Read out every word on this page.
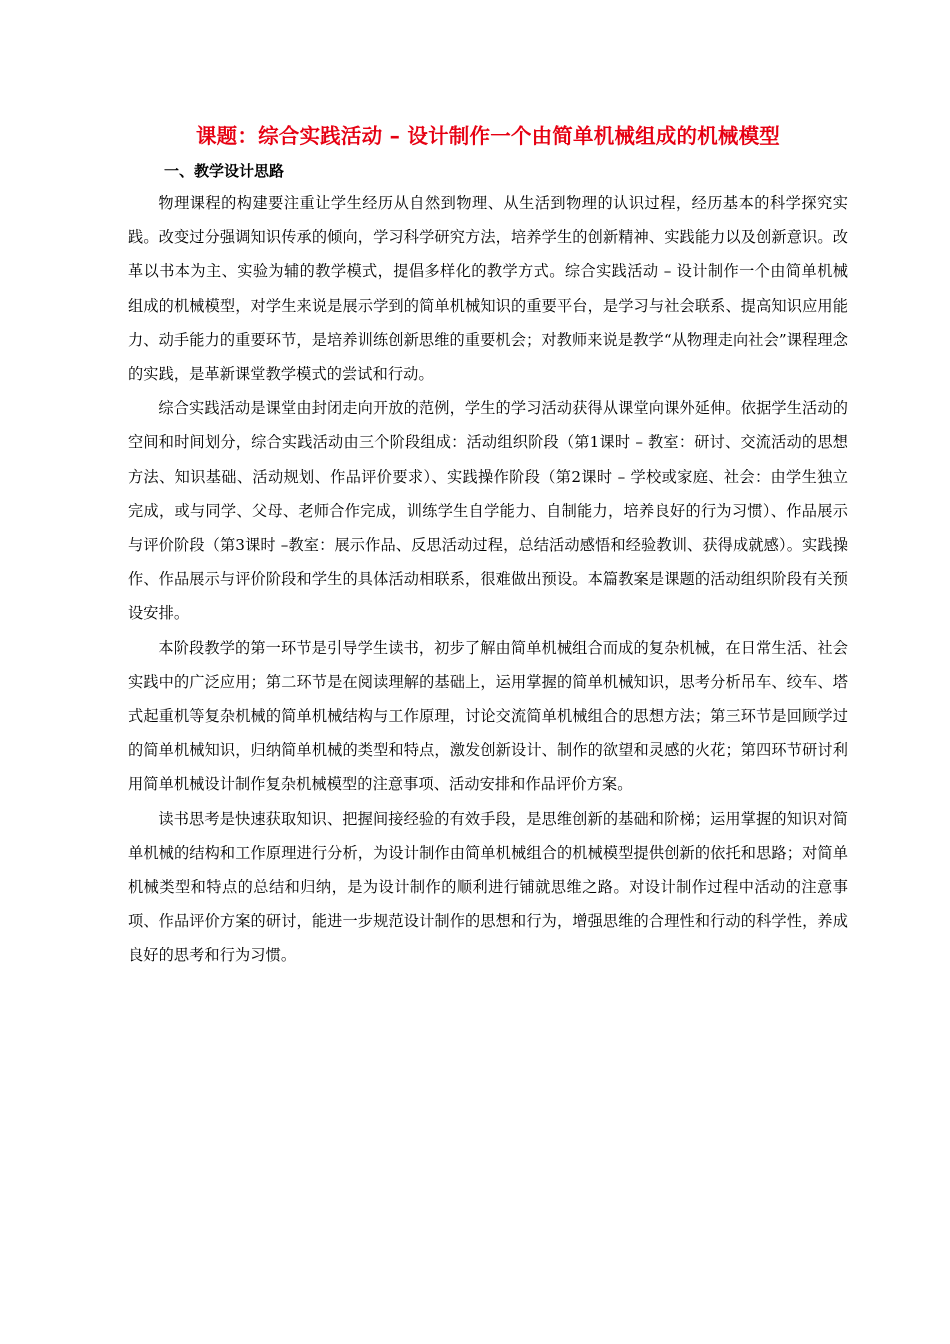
课题：综合实践活动 – 设计制作一个由简单机械组成的机械模型
一、教学设计思路

物理课程的构建要注重让学生经历从自然到物理、从生活到物理的认识过程，经历基本的科学探究实践。改变过分强调知识传承的倾向，学习科学研究方法，培养学生的创新精神、实践能力以及创新意识。改革以书本为主、实验为辅的教学模式，提倡多样化的教学方式。综合实践活动 – 设计制作一个由简单机械组成的机械模型，对学生来说是展示学到的简单机械知识的重要平台，是学习与社会联系、提高知识应用能力、动手能力的重要环节，是培养训练创新思维的重要机会；对教师来说是教学“从物理走向社会”课程理念的实践，是革新课堂教学模式的尝试和行动。

综合实践活动是课堂由封闭走向开放的范例，学生的学习活动获得从课堂向课外延伸。依据学生活动的空间和时间划分，综合实践活动由三个阶段组成：活动组织阶段（第1课时 – 教室：研讨、交流活动的思想方法、知识基础、活动规划、作品评价要求）、实践操作阶段（第2课时 – 学校或家庭、社会：由学生独立完成，或与同学、父母、老师合作完成，训练学生自学能力、自制能力，培养良好的行为习惯）、作品展示与评价阶段（第3课时 –教室：展示作品、反思活动过程，总结活动感悟和经验教训、获得成就感）。实践操作、作品展示与评价阶段和学生的具体活动相联系，很难做出预设。本篇教案是课题的活动组织阶段有关预设安排。

本阶段教学的第一环节是引导学生读书，初步了解由简单机械组合而成的复杂机械，在日常生活、社会实践中的广泛应用；第二环节是在阅读理解的基础上，运用掌握的简单机械知识，思考分析吊车、绞车、塔式起重机等复杂机械的简单机械结构与工作原理，讨论交流简单机械组合的思想方法；第三环节是回顾学过的简单机械知识，归纳简单机械的类型和特点，激发创新设计、制作的欲望和灵感的火花；第四环节研讨利用简单机械设计制作复杂机械模型的注意事项、活动安排和作品评价方案。

读书思考是快速获取知识、把握间接经验的有效手段，是思维创新的基础和阶梯；运用掌握的知识对简单机械的结构和工作原理进行分析，为设计制作由简单机械组合的机械模型提供创新的依托和思路；对简单机械类型和特点的总结和归纳，是为设计制作的顺利进行铺就思维之路。对设计制作过程中活动的注意事项、作品评价方案的研讨，能进一步规范设计制作的思想和行为，增强思维的合理性和行动的科学性，养成良好的思考和行为习惯。
